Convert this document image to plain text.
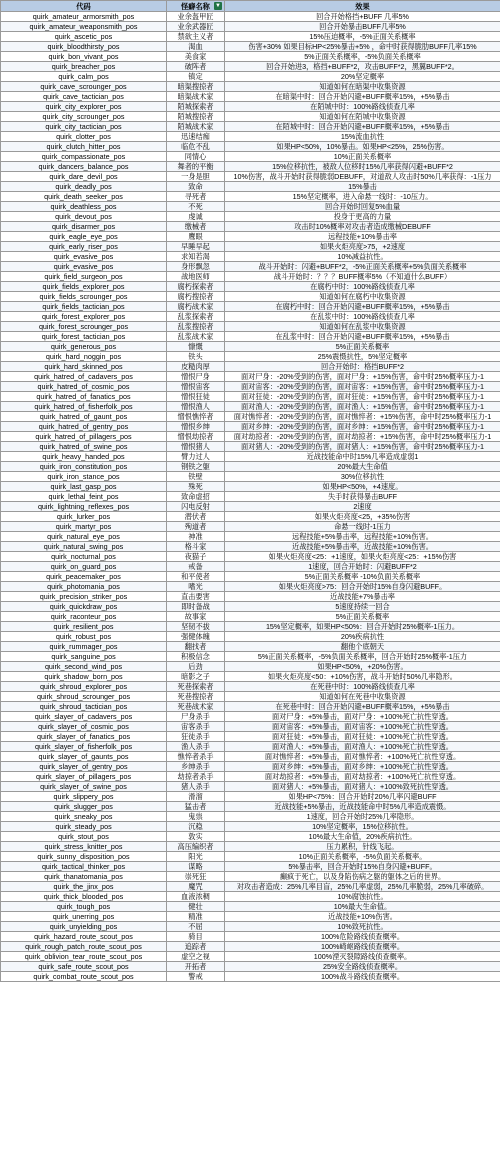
代码	怪癖名称 ▼	效果
quirk_amateur_armorsmith_pos	业余盔甲匠	回合开始格挡+BUFF 几率5%
quirk_amateur_weaponsmith_pos	业余武器匠	回合开始暴击BUFF几率5%
quirk_ascetic_pos	禁欲主义者	15%压迫概率，-5%正面关系概率
quirk_bloodthirsty_pos	渴血	伤害+30% 如果目标HP<25%暴击+5% ，命中时获得脆肋BUFF几率15%
quirk_bon_vivant_pos	美食家	5%正面关系概率，-5%负面关系概率
quirk_breacher_pos	破阵者	回合开始进3，格挡+BUFF*2，攻击BUFF*2，黑翼BUFF*2。
quirk_calm_pos	镇定	20%坚定概率
quirk_cave_scrounger_pos	暗渠搜掠者	知道如何在暗渠中收集资源
quirk_cave_tactician_pos	暗渠战术家	在暗渠中时：回合开始闪避+BUFF概率15%，+5%暴击
quirk_city_explorer_pos	陌城探索者	在陌城中时：100%路线侦查几率
quirk_city_scrounger_pos	陌城搜掠者	知道如何在陌城中收集资源
quirk_city_tactician_pos	陌城战术家	在陌城中时：回合开始闪避+BUFF概率15%，+5%暴击
quirk_clotter_pos	迅速结痂	15%流血抗性
quirk_clutch_hitter_pos	临危不乱	如果HP<50%，10%暴击。如果HP<25%，25%伤害。
quirk_compassionate_pos	同情心	10%正面关系概率
quirk_dancers_balance_pos	舞者的平衡	15%位移抗性，被敌人位移时15%几率获得闪避+BUFF*2
quirk_dare_devil_pos	一身是胆	10%伤害，战斗开始时获得脆弱DEBUFF，对道敌人攻击时50%几率获得：-1压力
quirk_deadly_pos	致命	15%暴击
quirk_death_seeker_pos	寻死者	15%坚定概率，进入命悬一线时：-10压力。
quirk_deathless_pos	不死	回合开始时回复5%血量
quirk_devout_pos	虔诚	投身于更高的力量
quirk_disarmer_pos	缴械者	攻击时10%概率对攻击者造成缴械DEBUFF
quirk_eagle_eye_pos	鹰眼	远程技能+10%暴击率
quirk_early_riser_pos	早睡早起	如果火炬亮度>75，+2速度
quirk_evasive_pos	求知若渴	10%减益抗性。
quirk_evasive_pos	身形飘忽	战斗开始时：闪避+BUFF*2，-5%正面关系概率+5%负面关系概率
quirk_field_surgeon_pos	战地医师	战斗开始时：？？？BUFF概率5%（不知道什么BUFF）
quirk_fields_explorer_pos	腐朽探索者	在腐朽中时：100%路线侦查几率
quirk_fields_scrounger_pos	腐朽搜掠者	知道如何在腐朽中收集资源
quirk_fields_tactician_pos	腐朽战术家	在腐朽中时：回合开始闪避+BUFF概率15%，+5%暴击
quirk_forest_explorer_pos	乱浆探索者	在乱浆中时：100%路线侦查几率
quirk_forest_scrounger_pos	乱浆搜掠者	知道如何在乱浆中收集资源
quirk_forest_tactician_pos	乱浆战术家	在乱浆中时：回合开始闪避+BUFF概率15%，+5%暴击
quirk_generous_pos	慷慨	5%正面关系概率
quirk_hard_noggin_pos	铁头	25%震慑抗性，5%坚定概率
quirk_hard_skinned_pos	皮糙肉厚	回合开始时：格挡BUFF*2
quirk_hatred_of_cadavers_pos	憎恨尸身	面对尸身：-20%受到的伤害，面对尸身：+15%伤害，命中时25%概率压力-1
quirk_hatred_of_cosmic_pos	憎恨宙客	面对宙客：-20%受到的伤害，面对宙客：+15%伤害，命中时25%概率压力-1
quirk_hatred_of_fanatics_pos	憎恨狂徒	面对狂徒：-20%受到的伤害，面对狂徒：+15%伤害，命中时25%概率压力-1
quirk_hatred_of_fisherfolk_pos	憎恨渔人	面对渔人：-20%受到的伤害，面对渔人：+15%伤害，命中时25%概率压力-1
quirk_hatred_of_gaunt_pos	憎恨憔悴者	面对憔悴者：-20%受到的伤害，面对憔悴者：+15%伤害，命中时25%概率压力-1
quirk_hatred_of_gentry_pos	憎恨乡绅	面对乡绅：-20%受到的伤害，面对乡绅：+15%伤害，命中时25%概率压力-1
quirk_hatred_of_pillagers_pos	憎恨劫掠者	面对劫掠者：-20%受到的伤害，面对劫掠者：+15%伤害，命中时25%概率压力-1
quirk_hatred_of_swine_pos	憎恨猪人	面对猪人：-20%受到的伤害，面对猪人：+15%伤害，命中时25%概率压力-1
quirk_heavy_handed_pos	臂力过人	近战技能命中时15%几率造成虚弱1
quirk_iron_constitution_pos	钢铁之躯	20%最大生命值
quirk_iron_stance_pos	铁壁	30%位移抗性
quirk_last_gasp_pos	殊死	如果HP<50%，+4速度。
quirk_lethal_feint_pos	致命虚招	失手时获得暴击BUFF
quirk_lightning_reflexes_pos	闪电反射	2速度
quirk_lurker_pos	潜伏者	如果火炬亮度<25，+35%伤害
quirk_martyr_pos	殉道者	命悬一线时-1压力
quirk_natural_eye_pos	神准	远程技能+5%暴击率，远程技能+10%伤害。
quirk_natural_swing_pos	格斗家	近战技能+5%暴击率，近战技能+10%伤害。
quirk_nocturnal_pos	夜猫子	如果火炬亮度<25：+1速度，如果火炬亮度<25：+15%伤害
quirk_on_guard_pos	戒备	1速度，回合开始时：闪避BUFF*2
quirk_peacemaker_pos	和平使者	5%正面关系概率 -10%负面关系概率
quirk_photomania_pos	嗜光	如果火炬亮度>75：回合开始时15%自身闪避BUFF。
quirk_precision_striker_pos	直击要害	近战技能+7%暴击率
quirk_quickdraw_pos	即时备战	5速度持续一回合
quirk_raconteur_pos	故事家	5%正面关系概率
quirk_resilient_pos	坚韧不拔	15%坚定概率，如果HP<50%：回合开始时25%概率-1压力。
quirk_robust_pos	强健体魄	20%疾病抗性
quirk_rummager_pos	翻找者	翻他个底朝天
quirk_sanguine_pos	积极信念	5%正面关系概率，-5%负面关系概率，回合开始时25%概率-1压力
quirk_second_wind_pos	后劲	如果HP<50%，+20%伤害。
quirk_shadow_born_pos	暗影之子	如果火炬亮度<50：+10%伤害，战斗开始时50%几率隐形。
quirk_shroud_explorer_pos	死巷探索者	在死巷中时：100%路线侦查几率
quirk_shroud_scrounger_pos	死巷搜掠者	知道如何在死巷中收集资源
quirk_shroud_tactician_pos	死巷战术家	在死巷中时：回合开始闪避+BUFF概率15%，+5%暴击
quirk_slayer_of_cadavers_pos	尸身杀手	面对尸身：+5%暴击，面对尸身：+100%死亡抗性穿透。
quirk_slayer_of_cosmic_pos	宙客杀手	面对宙客：+5%暴击，面对宙客：+100%死亡抗性穿透。
quirk_slayer_of_fanatics_pos	狂徒杀手	面对狂徒：+5%暴击，面对狂徒：+100%死亡抗性穿透。
quirk_slayer_of_fisherfolk_pos	渔人杀手	面对渔人：+5%暴击，面对渔人：+100%死亡抗性穿透。
quirk_slayer_of_gaunts_pos	憔悴者杀手	面对憔悴者：+5%暴击，面对憔悴者：+100%死亡抗性穿透。
quirk_slayer_of_gentry_pos	乡绅杀手	面对乡绅：+5%暴击，面对乡绅：+100%死亡抗性穿透。
quirk_slayer_of_pillagers_pos	劫掠者杀手	面对劫掠者：+5%暴击，面对劫掠者：+100%死亡抗性穿透。
quirk_slayer_of_swine_pos	猪人杀手	面对猪人：+5%暴击，面对猪人：+100%致死抗性穿透。
quirk_slippery_pos	滑溜	如果HP<75%：回合开始时20%几率闪避BUFF
quirk_slugger_pos	猛击者	近战技能+5%暴击，近战技能命中时5%几率造成震慑。
quirk_sneaky_pos	鬼祟	1速度，回合开始时25%几率隐形。
quirk_steady_pos	沉稳	10%坚定概率，15%位移抗性。
quirk_stout_pos	敦实	10%最大生命值，20%疾病抗性。
quirk_stress_knitter_pos	高压编织者	压力累积，针线飞起。
quirk_sunny_disposition_pos	阳光	10%正面关系概率，-5%负面关系概率。
quirk_tactical_thinker_pos	谋略	5%暴击率，回合开始时15%自身闪避+BUFF。
quirk_thanatomania_pos	崇死狂	癫疯于死亡，以及身陷伤病之躯的躯体之后的世界。
quirk_the_jinx_pos	魔咒	对攻击者造成：25%几率目盲，25%几率虚弱，25%几率脆弱，25%几率破碎。
quirk_thick_blooded_pos	血液浓稠	10%腐蚀抗性。
quirk_tough_pos	健壮	10%最大生命值。
quirk_unerring_pos	精准	近战技能+10%伤害。
quirk_unyielding_pos	不屈	10%致死抗性。
quirk_hazard_route_scout_pos	骑目	100%危险路线侦查概率。
quirk_rough_patch_route_scout_pos	追踪者	100%崎岖路线侦查概率。
quirk_oblivion_tear_route_scout_pos	虚空之视	100%湮灭裂隙路线侦查概率。
quirk_safe_route_scout_pos	开拓者	25%安全路线侦查概率。
quirk_combat_route_scout_pos	警戒	100%战斗路线侦查概率。
